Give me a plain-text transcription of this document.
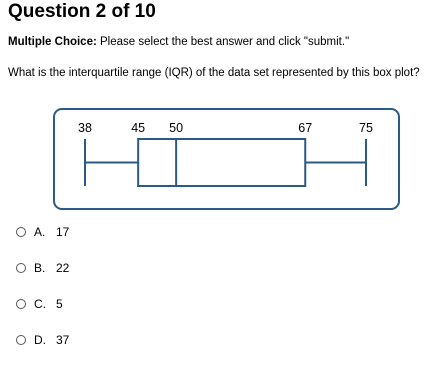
Question 2 of 10
Multiple Choice: Please select the best answer and click "submit."
What is the interquartile range (IQR) of the data set represented by this box plot?
38	45 50	67	75
A. 17
B. 22
C. 5
D. 37
